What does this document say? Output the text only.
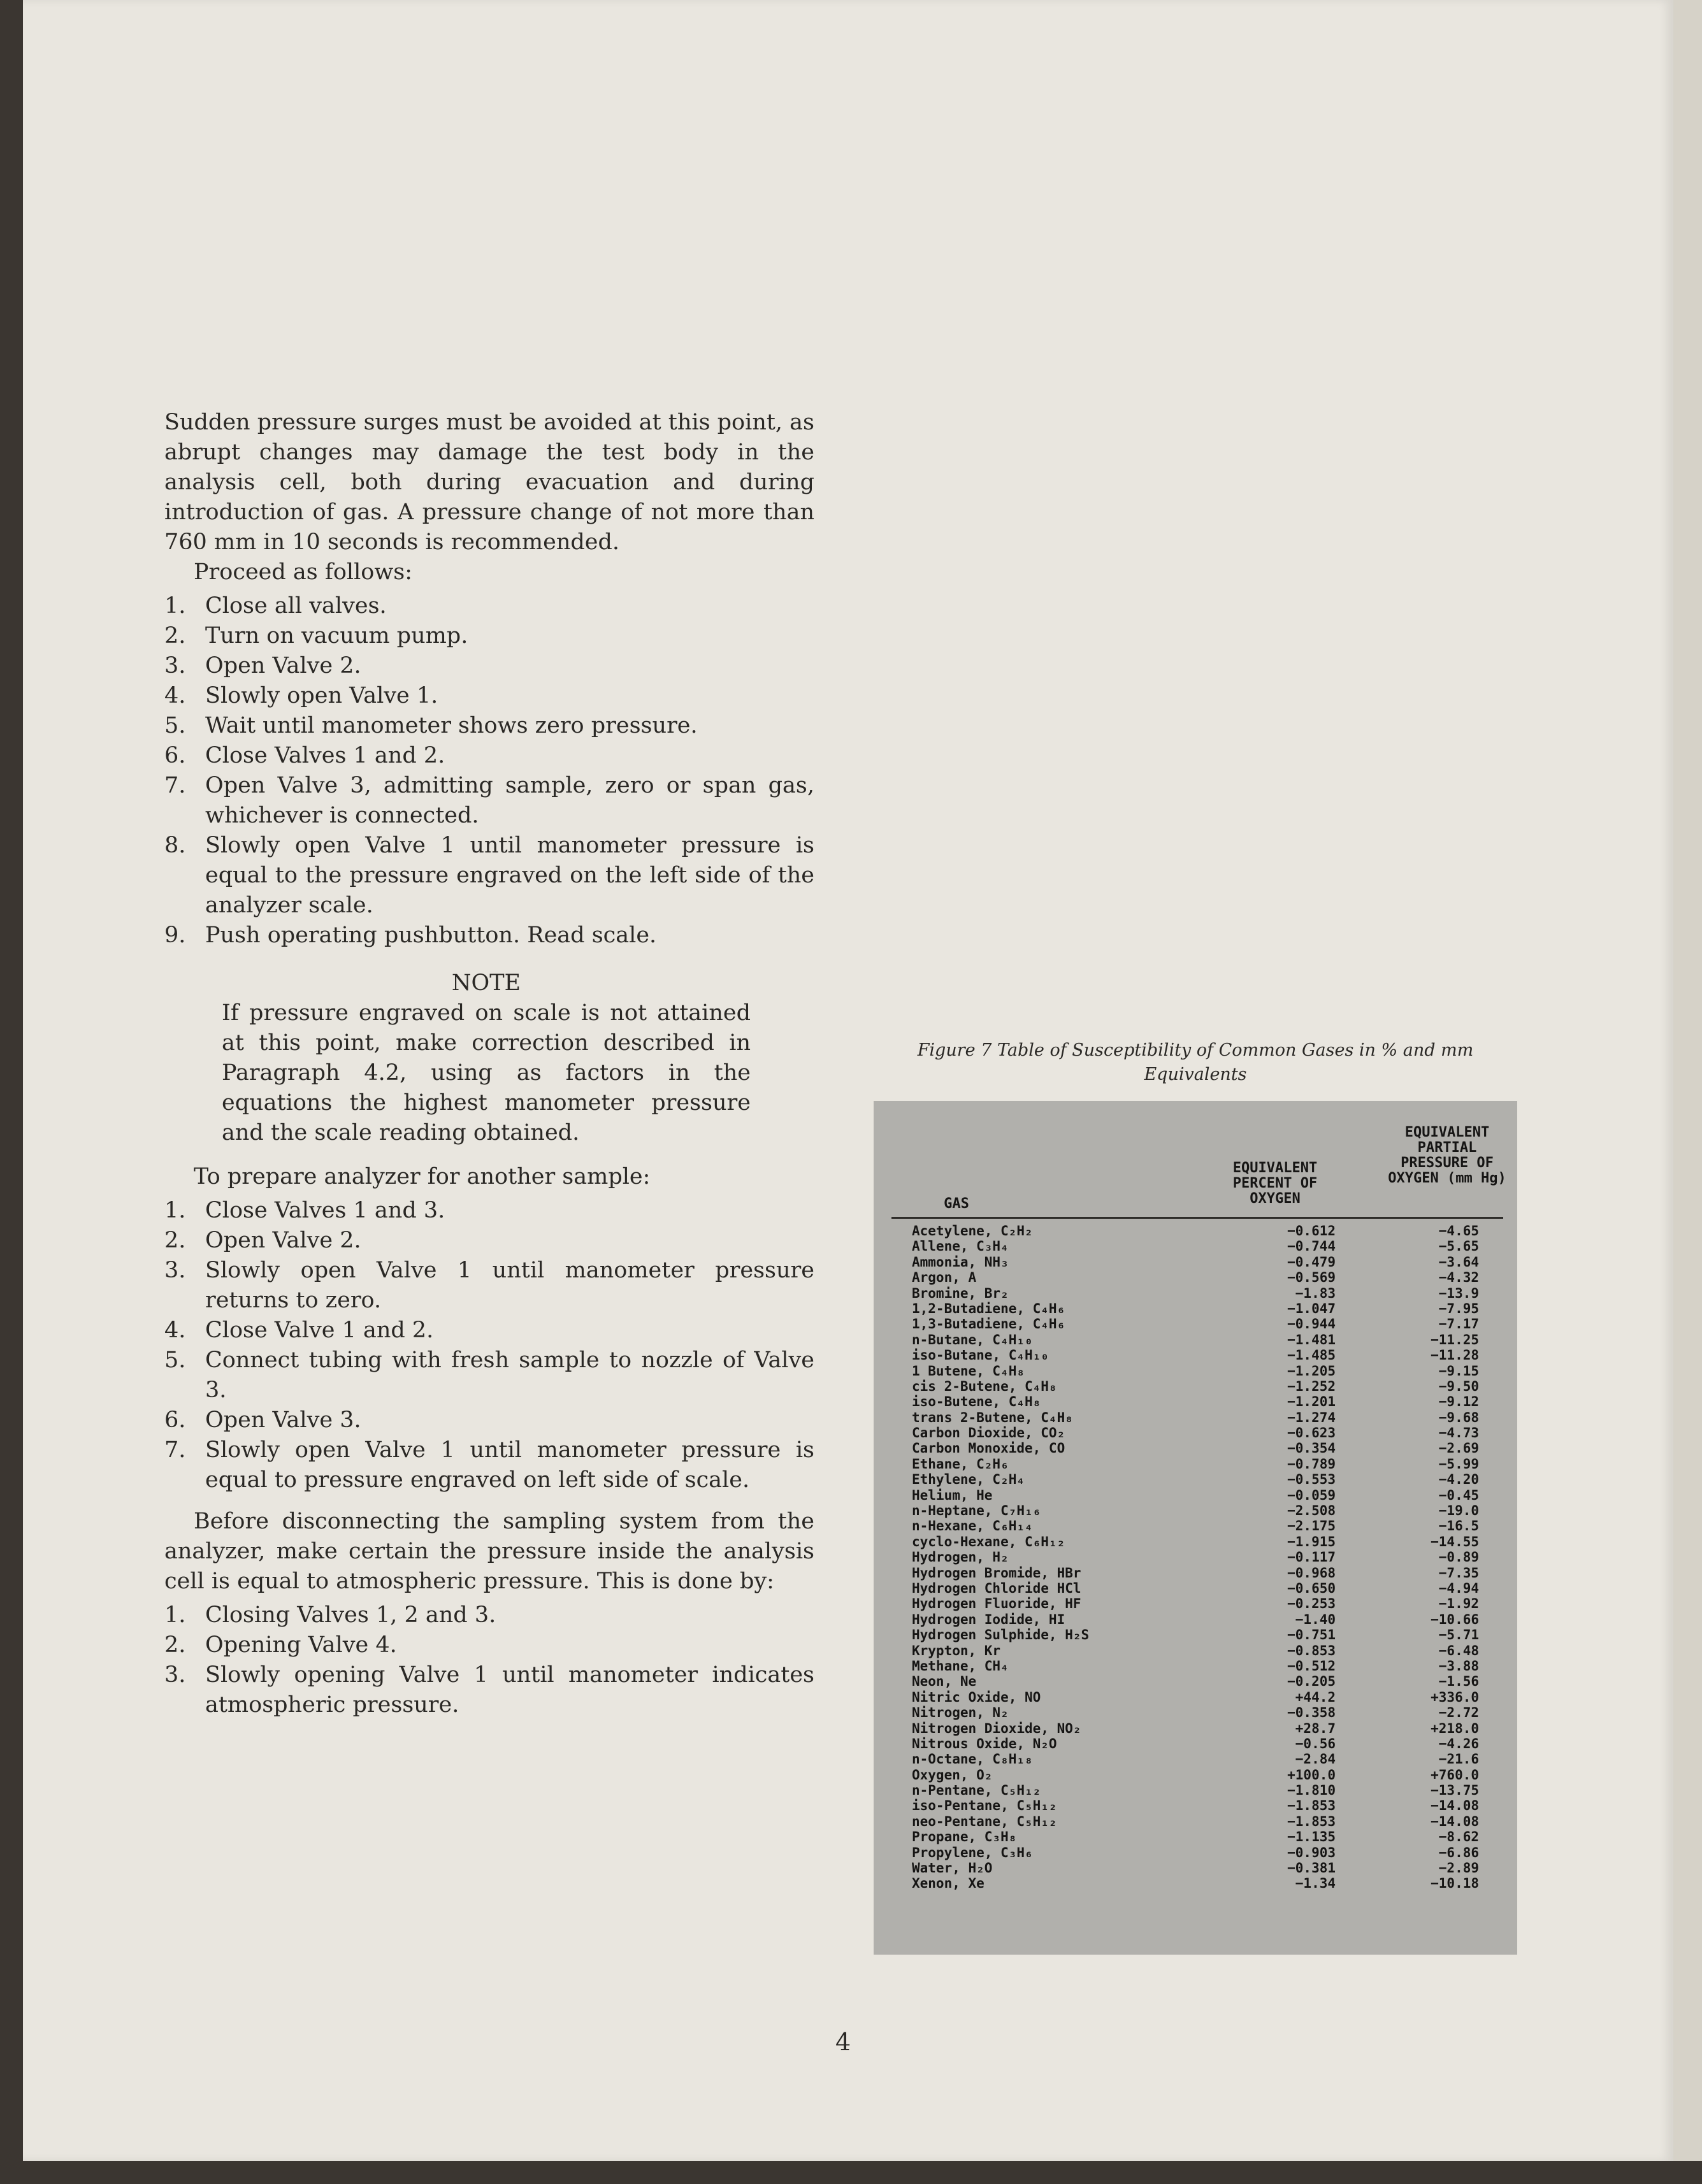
Sudden pressure surges must be avoided at this point, as abrupt changes may damage the test body in the analysis cell, both during evacuation and during introduction of gas. A pressure change of not more than 760 mm in 10 seconds is recommended.

Proceed as follows:

1. Close all valves.
2. Turn on vacuum pump.
3. Open Valve 2.
4. Slowly open Valve 1.
5. Wait until manometer shows zero pressure.
6. Close Valves 1 and 2.
7. Open Valve 3, admitting sample, zero or span gas, whichever is connected.
8. Slowly open Valve 1 until manometer pressure is equal to the pressure engraved on the left side of the analyzer scale.
9. Push operating pushbutton. Read scale.

NOTE

If pressure engraved on scale is not attained at this point, make correction described in Paragraph 4.2, using as factors in the equations the highest manometer pressure and the scale reading obtained.

To prepare analyzer for another sample:

1. Close Valves 1 and 3.
2. Open Valve 2.
3. Slowly open Valve 1 until manometer pressure returns to zero.
4. Close Valve 1 and 2.
5. Connect tubing with fresh sample to nozzle of Valve 3.
6. Open Valve 3.
7. Slowly open Valve 1 until manometer pressure is equal to pressure engraved on left side of scale.

Before disconnecting the sampling system from the analyzer, make certain the pressure inside the analysis cell is equal to atmospheric pressure. This is done by:

1. Closing Valves 1, 2 and 3.
2. Opening Valve 4.
3. Slowly opening Valve 1 until manometer indicates atmospheric pressure.
Figure 7 Table of Susceptibility of Common Gases in % and mm Equivalents
GAS
EQUIVALENT PERCENT OF OXYGEN
EQUIVALENT PARTIAL PRESSURE OF OXYGEN (mm Hg)
Acetylene, C₂H₂	−0.612	−4.65
Allene, C₃H₄	−0.744	−5.65
Ammonia, NH₃	−0.479	−3.64
Argon, A	−0.569	−4.32
Bromine, Br₂	−1.83	−13.9
1,2-Butadiene, C₄H₆	−1.047	−7.95
1,3-Butadiene, C₄H₆	−0.944	−7.17
n-Butane, C₄H₁₀	−1.481	−11.25
iso-Butane, C₄H₁₀	−1.485	−11.28
1 Butene, C₄H₈	−1.205	−9.15
cis 2-Butene, C₄H₈	−1.252	−9.50
iso-Butene, C₄H₈	−1.201	−9.12
trans 2-Butene, C₄H₈	−1.274	−9.68
Carbon Dioxide, CO₂	−0.623	−4.73
Carbon Monoxide, CO	−0.354	−2.69
Ethane, C₂H₆	−0.789	−5.99
Ethylene, C₂H₄	−0.553	−4.20
Helium, He	−0.059	−0.45
n-Heptane, C₇H₁₆	−2.508	−19.0
n-Hexane, C₆H₁₄	−2.175	−16.5
cyclo-Hexane, C₆H₁₂	−1.915	−14.55
Hydrogen, H₂	−0.117	−0.89
Hydrogen Bromide, HBr	−0.968	−7.35
Hydrogen Chloride HCl	−0.650	−4.94
Hydrogen Fluoride, HF	−0.253	−1.92
Hydrogen Iodide, HI	−1.40	−10.66
Hydrogen Sulphide, H₂S	−0.751	−5.71
Krypton, Kr	−0.853	−6.48
Methane, CH₄	−0.512	−3.88
Neon, Ne	−0.205	−1.56
Nitric Oxide, NO	+44.2	+336.0
Nitrogen, N₂	−0.358	−2.72
Nitrogen Dioxide, NO₂	+28.7	+218.0
Nitrous Oxide, N₂O	−0.56	−4.26
n-Octane, C₈H₁₈	−2.84	−21.6
Oxygen, O₂	+100.0	+760.0
n-Pentane, C₅H₁₂	−1.810	−13.75
iso-Pentane, C₅H₁₂	−1.853	−14.08
neo-Pentane, C₅H₁₂	−1.853	−14.08
Propane, C₃H₈	−1.135	−8.62
Propylene, C₃H₆	−0.903	−6.86
Water, H₂O	−0.381	−2.89
Xenon, Xe	−1.34	−10.18
4
